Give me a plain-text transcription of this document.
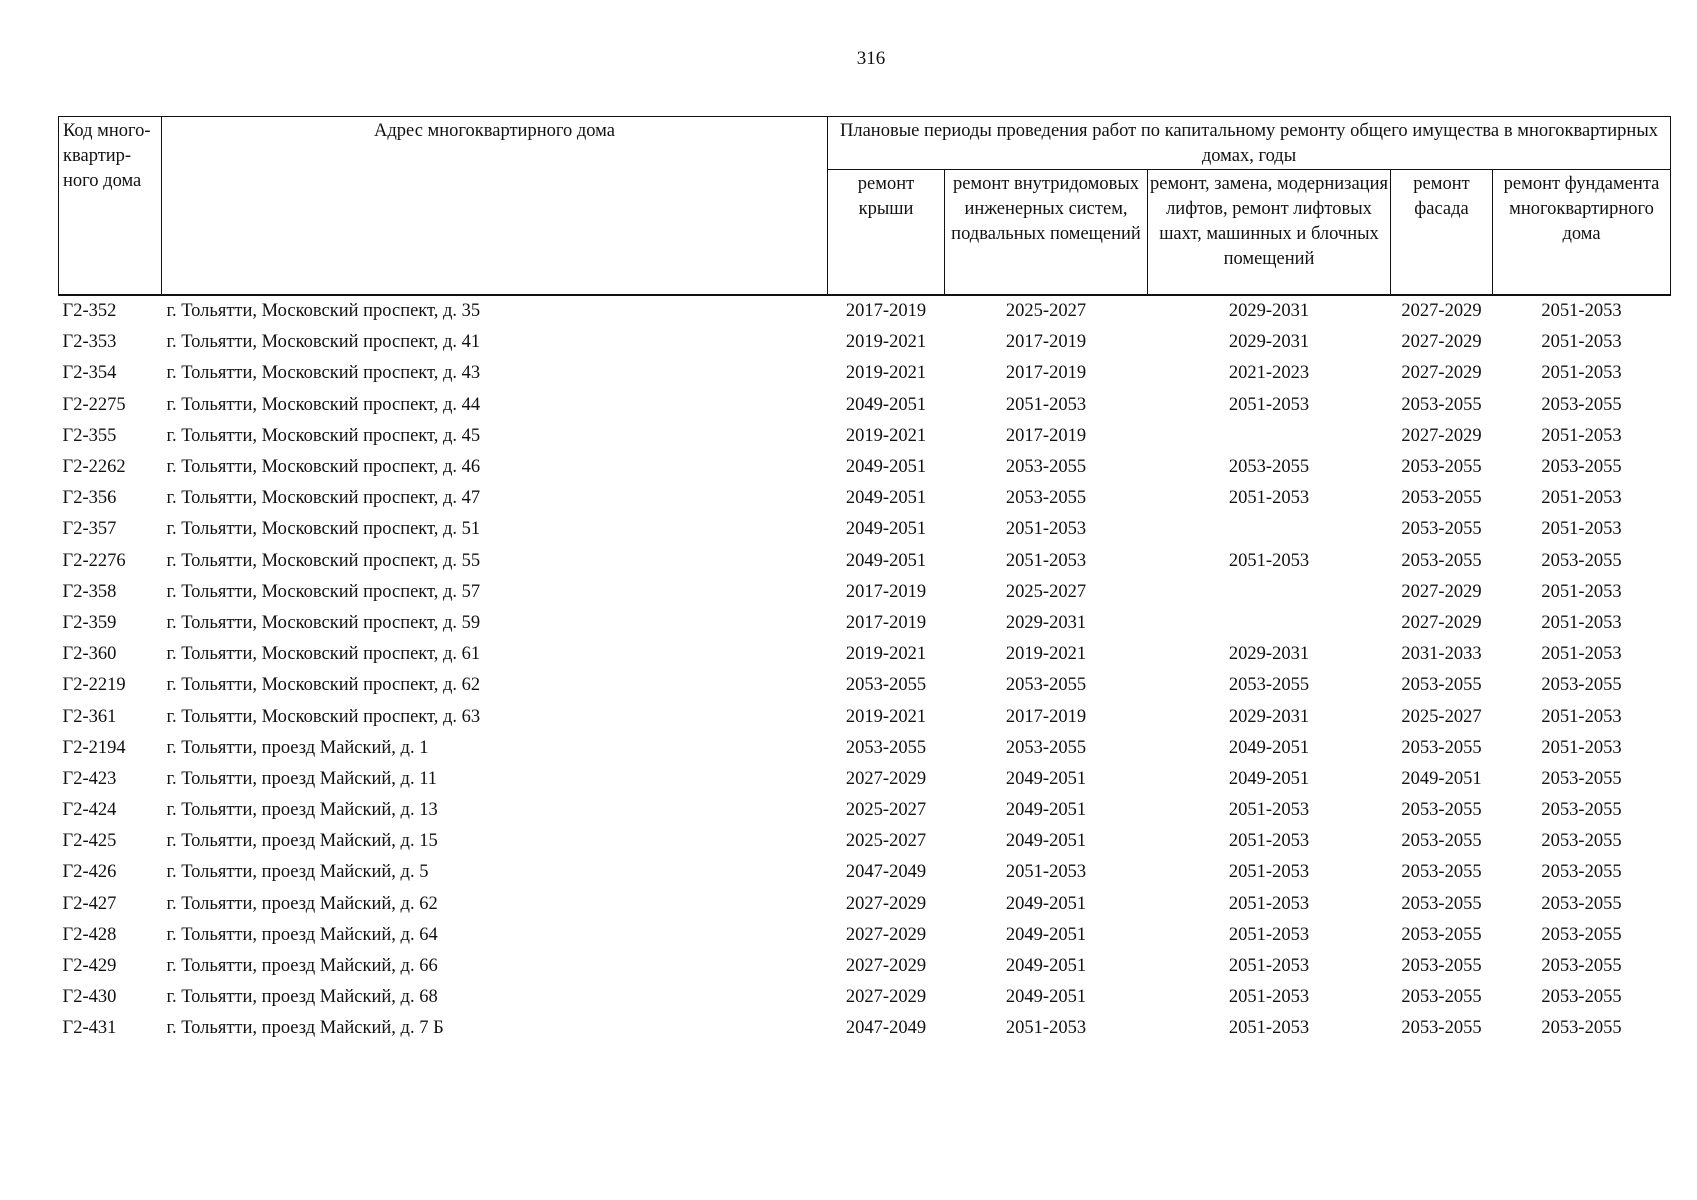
316
Код много-квартир-ного дома	Адрес многоквартирного дома	Плановые периоды проведения работ по капитальному ремонту общего имущества в многоквартирных домах, годы				

		ремонт крыши	ремонт внутридомовых инженерных систем, подвальных помещений	ремонт, замена, модернизация лифтов, ремонт лифтовых шахт, машинных и блочных помещений	ремонт фасада	ремонт фундамента многоквартирного дома
Г2-352	г. Тольятти, Московский проспект, д. 35	2017-2019	2025-2027	2029-2031	2027-2029	2051-2053
Г2-353	г. Тольятти, Московский проспект, д. 41	2019-2021	2017-2019	2029-2031	2027-2029	2051-2053
Г2-354	г. Тольятти, Московский проспект, д. 43	2019-2021	2017-2019	2021-2023	2027-2029	2051-2053
Г2-2275	г. Тольятти, Московский проспект, д. 44	2049-2051	2051-2053	2051-2053	2053-2055	2053-2055
Г2-355	г. Тольятти, Московский проспект, д. 45	2019-2021	2017-2019		2027-2029	2051-2053
Г2-2262	г. Тольятти, Московский проспект, д. 46	2049-2051	2053-2055	2053-2055	2053-2055	2053-2055
Г2-356	г. Тольятти, Московский проспект, д. 47	2049-2051	2053-2055	2051-2053	2053-2055	2051-2053
Г2-357	г. Тольятти, Московский проспект, д. 51	2049-2051	2051-2053		2053-2055	2051-2053
Г2-2276	г. Тольятти, Московский проспект, д. 55	2049-2051	2051-2053	2051-2053	2053-2055	2053-2055
Г2-358	г. Тольятти, Московский проспект, д. 57	2017-2019	2025-2027		2027-2029	2051-2053
Г2-359	г. Тольятти, Московский проспект, д. 59	2017-2019	2029-2031		2027-2029	2051-2053
Г2-360	г. Тольятти, Московский проспект, д. 61	2019-2021	2019-2021	2029-2031	2031-2033	2051-2053
Г2-2219	г. Тольятти, Московский проспект, д. 62	2053-2055	2053-2055	2053-2055	2053-2055	2053-2055
Г2-361	г. Тольятти, Московский проспект, д. 63	2019-2021	2017-2019	2029-2031	2025-2027	2051-2053
Г2-2194	г. Тольятти, проезд Майский, д. 1	2053-2055	2053-2055	2049-2051	2053-2055	2051-2053
Г2-423	г. Тольятти, проезд Майский, д. 11	2027-2029	2049-2051	2049-2051	2049-2051	2053-2055
Г2-424	г. Тольятти, проезд Майский, д. 13	2025-2027	2049-2051	2051-2053	2053-2055	2053-2055
Г2-425	г. Тольятти, проезд Майский, д. 15	2025-2027	2049-2051	2051-2053	2053-2055	2053-2055
Г2-426	г. Тольятти, проезд Майский, д. 5	2047-2049	2051-2053	2051-2053	2053-2055	2053-2055
Г2-427	г. Тольятти, проезд Майский, д. 62	2027-2029	2049-2051	2051-2053	2053-2055	2053-2055
Г2-428	г. Тольятти, проезд Майский, д. 64	2027-2029	2049-2051	2051-2053	2053-2055	2053-2055
Г2-429	г. Тольятти, проезд Майский, д. 66	2027-2029	2049-2051	2051-2053	2053-2055	2053-2055
Г2-430	г. Тольятти, проезд Майский, д. 68	2027-2029	2049-2051	2051-2053	2053-2055	2053-2055
Г2-431	г. Тольятти, проезд Майский, д. 7 Б	2047-2049	2051-2053	2051-2053	2053-2055	2053-2055
